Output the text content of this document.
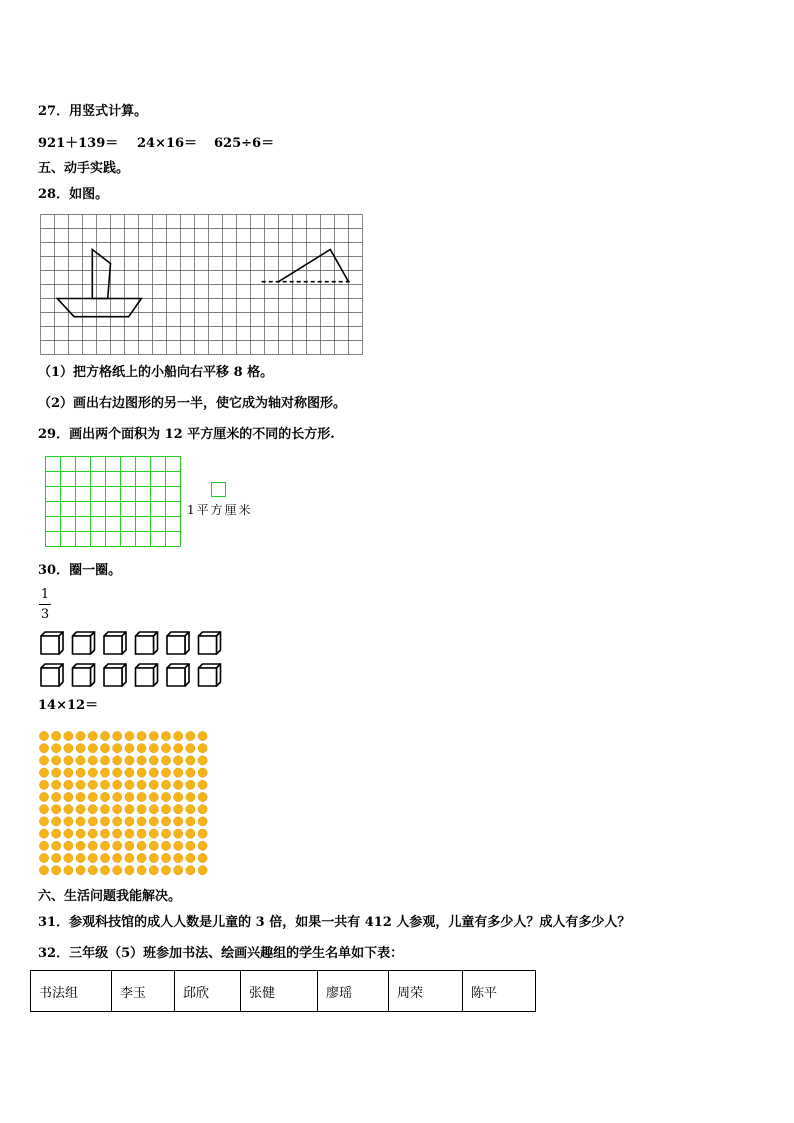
27．用竖式计算。
921＋139＝ 24×16＝ 625÷6＝
五、动手实践。
28．如图。
（1）把方格纸上的小船向右平移 8 格。
（2）画出右边图形的另一半，使它成为轴对称图形。
29．画出两个面积为 12 平方厘米的不同的长方形.
1平方厘米
30．圈一圈。
1
3
14×12＝
六、生活问题我能解决。
31．参观科技馆的成人人数是儿童的 3 倍，如果一共有 412 人参观，儿童有多少人？成人有多少人？
32．三年级（5）班参加书法、绘画兴趣组的学生名单如下表：
书法组	李玉	邱欣	张健	廖瑶	周荣	陈平
